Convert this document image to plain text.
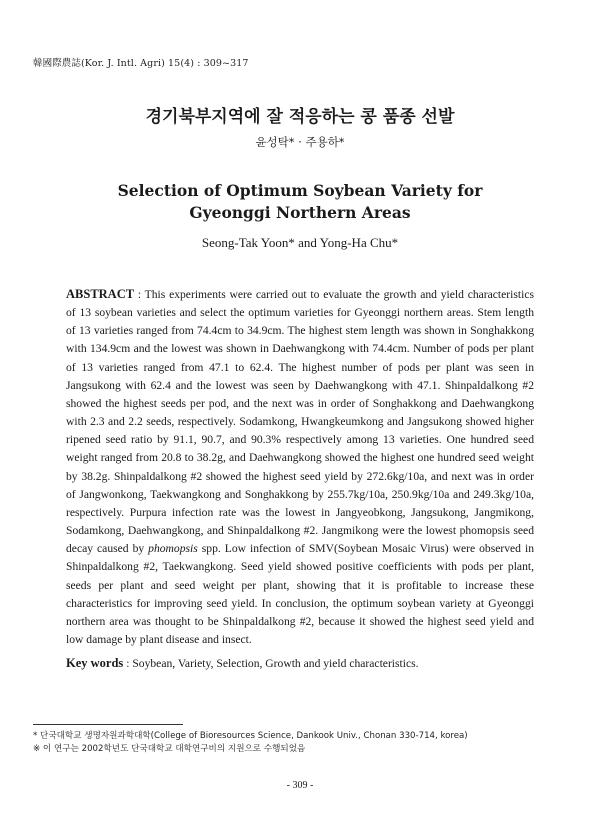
韓國際農誌(Kor. J. Intl. Agri) 15(4) : 309~317
경기북부지역에 잘 적응하는 콩 품종 선발
윤성탁* · 주용하*
Selection of Optimum Soybean Variety for
Gyeonggi Northern Areas
Seong-Tak Yoon* and Yong-Ha Chu*
ABSTRACT : This experiments were carried out to evaluate the growth and yield characteristics of 13 soybean varieties and select the optimum varieties for Gyeonggi northern areas. Stem length of 13 varieties ranged from 74.4cm to 34.9cm. The highest stem length was shown in Songhakkong with 134.9cm and the lowest was shown in Daehwangkong with 74.4cm. Number of pods per plant of 13 varieties ranged from 47.1 to 62.4. The highest number of pods per plant was seen in Jangsukong with 62.4 and the lowest was seen by Daehwangkong with 47.1. Shinpaldalkong #2 showed the highest seeds per pod, and the next was in order of Songhakkong and Daehwangkong with 2.3 and 2.2 seeds, respectively. Sodamkong, Hwangkeumkong and Jangsukong showed higher ripened seed ratio by 91.1, 90.7, and 90.3% respectively among 13 varieties. One hundred seed weight ranged from 20.8 to 38.2g, and Daehwangkong showed the highest one hundred seed weight by 38.2g. Shinpaldalkong #2 showed the highest seed yield by 272.6kg/10a, and next was in order of Jangwonkong, Taekwangkong and Songhakkong by 255.7kg/10a, 250.9kg/10a and 249.3kg/10a, respectively. Purpura infection rate was the lowest in Jangyeobkong, Jangsukong, Jangmikong, Sodamkong, Daehwangkong, and Shinpaldalkong #2. Jangmikong were the lowest phomopsis seed decay caused by phomopsis spp. Low infection of SMV(Soybean Mosaic Virus) were observed in Shinpaldalkong #2, Taekwangkong. Seed yield showed positive coefficients with pods per plant, seeds per plant and seed weight per plant, showing that it is profitable to increase these characteristics for improving seed yield. In conclusion, the optimum soybean variety at Gyeonggi northern area was thought to be Shinpaldalkong #2, because it showed the highest seed yield and low damage by plant disease and insect.
Key words : Soybean, Variety, Selection, Growth and yield characteristics.
* 단국대학교 생명자원과학대학(College of Bioresources Science, Dankook Univ., Chonan 330-714, korea)
※ 이 연구는 2002학년도 단국대학교 대학연구비의 지원으로 수행되었음
- 309 -
